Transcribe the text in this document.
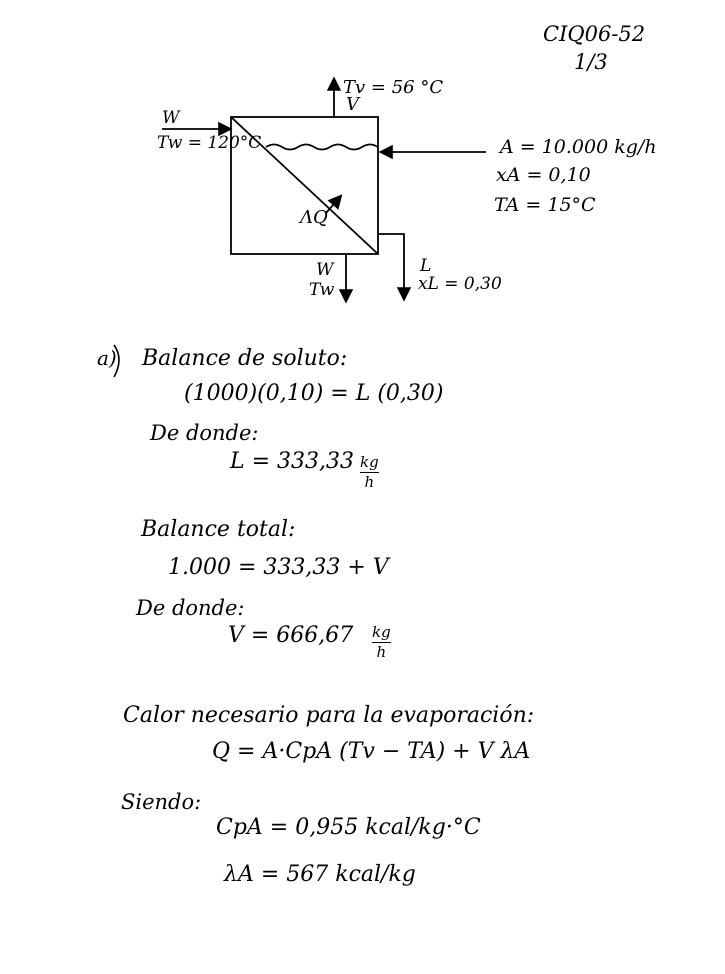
CIQ06-52
1/3
Tv = 56 °C
V
W
Tw = 120°C	A = 10.000 kg/h
xA = 0,10
TA = 15°C
ΛQ
W
Tw
L
xL = 0,30
a) Balance de soluto:
(1000)(0,10) = L (0,30)
De donde:
L = 333,33 kg
h
Balance total:
1.000 = 333,33 + V
De donde:
V = 666,67 kg
h
Calor necesario para la evaporación:
Q = A·CpA (Tv − TA) + V λA
Siendo:
CpA = 0,955 kcal/kg·°C
λA = 567 kcal/kg
